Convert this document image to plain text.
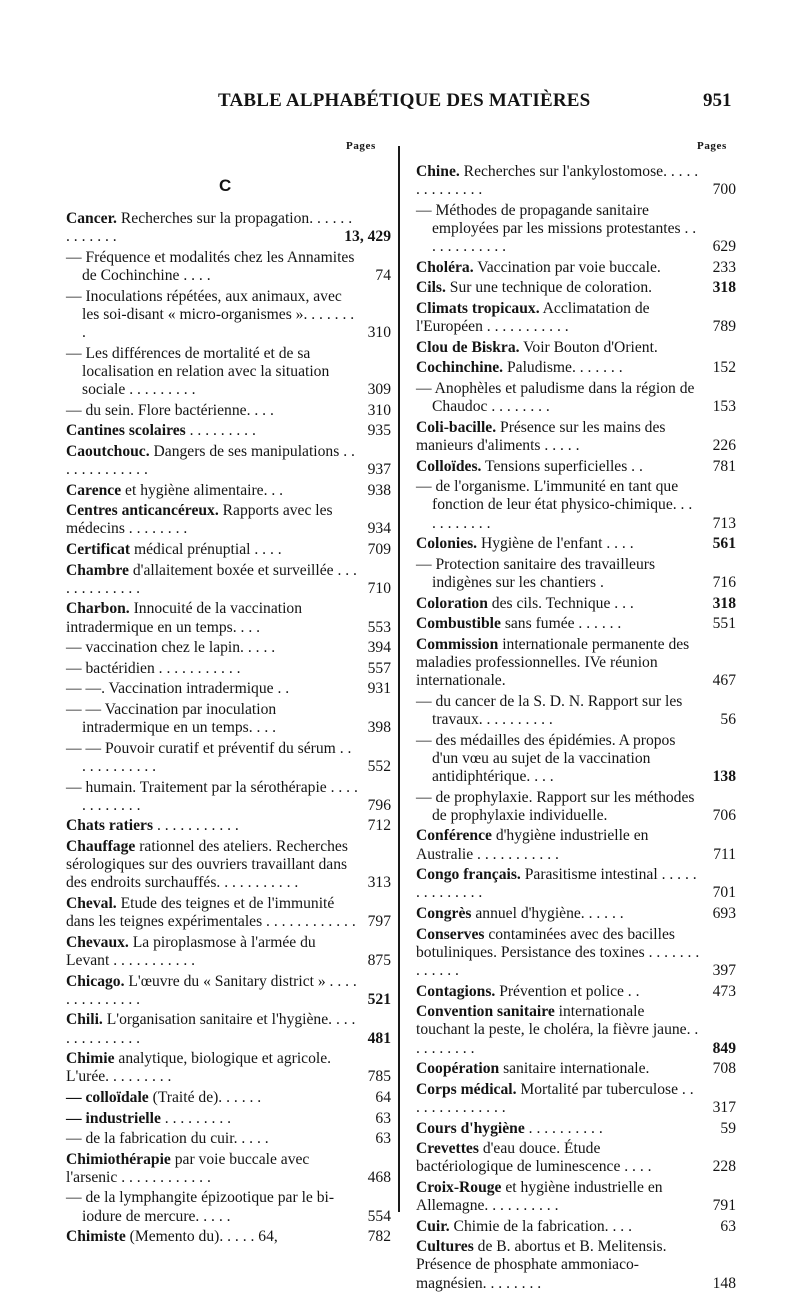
TABLE ALPHABÉTIQUE DES MATIÈRES	951
Pages	Pages
C
Cancer. Recherches sur la propagation. . . . . . . . . . . . .	13, 429
— Fréquence et modalités chez les Annamites de Cochinchine . . . .	74
— Inoculations répétées, aux animaux, avec les soi-disant « micro-organismes ». . . . . . . .	310
— Les différences de mortalité et de sa localisation en relation avec la situation sociale . . . . . . . . .	309
— du sein. Flore bactérienne. . . .	310
Cantines scolaires . . . . . . . . .	935
Caoutchouc. Dangers de ses manipulations . . . . . . . . . . . . .	937
Carence et hygiène alimentaire. . .	938
Centres anticancéreux. Rapports avec les médecins . . . . . . . .	934
Certificat médical prénuptial . . . .	709
Chambre d'allaitement boxée et surveillée . . . . . . . . . . . . .	710
Charbon. Innocuité de la vaccination intradermique en un temps. . . .	553
— vaccination chez le lapin. . . . .	394
— bactéridien . . . . . . . . . . .	557
— —. Vaccination intradermique . .	931
— — Vaccination par inoculation intradermique en un temps. . . .	398
— — Pouvoir curatif et préventif du sérum . . . . . . . . . . . .	552
— humain. Traitement par la sérothérapie . . . . . . . . . . . .	796
Chats ratiers . . . . . . . . . . .	712
Chauffage rationnel des ateliers. Recherches sérologiques sur des ouvriers travaillant dans des endroits surchauffés. . . . . . . . . . .	313
Cheval. Etude des teignes et de l'immunité dans les teignes expérimentales . . . . . . . . . . . . 797
Chevaux. La piroplasmose à l'armée du Levant . . . . . . . . . . .	875
Chicago. L'œuvre du « Sanitary district » . . . . . . . . . . . . . .	521
Chili. L'organisation sanitaire et l'hygiène. . . . . . . . . . . . . .	481
Chimie analytique, biologique et agricole. L'urée. . . . . . . . .	785
— colloïdale (Traité de). . . . . .	64
— industrielle . . . . . . . . .	63
— de la fabrication du cuir. . . . .	63
Chimiothérapie par voie buccale avec l'arsenic . . . . . . . . . . . .	468
— de la lymphangite épizootique par le bi-iodure de mercure. . . . .	554
Chimiste (Memento du). . . . . 64,	782
Chine. Recherches sur l'ankylostomose. . . . . . . . . . . . . .	700
— Méthodes de propagande sanitaire employées par les missions protestantes . . . . . . . . . . . .	629
Choléra. Vaccination par voie buccale.	233
Cils. Sur une technique de coloration.	318
Climats tropicaux. Acclimatation de l'Européen . . . . . . . . . . .	789
Clou de Biskra. Voir Bouton d'Orient.
Cochinchine. Paludisme. . . . . . .	152
— Anophèles et paludisme dans la région de Chaudoc . . . . . . . .	153
Coli-bacille. Présence sur les mains des manieurs d'aliments . . . . .	226
Colloïdes. Tensions superficielles . .	781
— de l'organisme. L'immunité en tant que fonction de leur état physico-chimique. . . . . . . . . . .	713
Colonies. Hygiène de l'enfant . . . .	561
— Protection sanitaire des travailleurs indigènes sur les chantiers .	716
Coloration des cils. Technique . . .	318
Combustible sans fumée . . . . . .	551
Commission internationale permanente des maladies professionnelles. IVe réunion internationale.	467
— du cancer de la S. D. N. Rapport sur les travaux. . . . . . . . . .	56
— des médailles des épidémies. A propos d'un vœu au sujet de la vaccination antidiphtérique. . . .	138
— de prophylaxie. Rapport sur les méthodes de prophylaxie individuelle.	706
Conférence d'hygiène industrielle en Australie . . . . . . . . . . .	711
Congo français. Parasitisme intestinal . . . . . . . . . . . . . .	701
Congrès annuel d'hygiène. . . . . .	693
Conserves contaminées avec des bacilles botuliniques. Persistance des toxines . . . . . . . . . . . . .	397
Contagions. Prévention et police . .	473
Convention sanitaire internationale touchant la peste, le choléra, la fièvre jaune. . . . . . . . . .	849
Coopération sanitaire internationale.	708
Corps médical. Mortalité par tuberculose . . . . . . . . . . . . . .	317
Cours d'hygiène . . . . . . . . . .	59
Crevettes d'eau douce. Étude bactériologique de luminescence . . . .	228
Croix-Rouge et hygiène industrielle en Allemagne. . . . . . . . . .	791
Cuir. Chimie de la fabrication. . . .	63
Cultures de B. abortus et B. Melitensis. Présence de phosphate ammoniaco-magnésien. . . . . . . .	148
